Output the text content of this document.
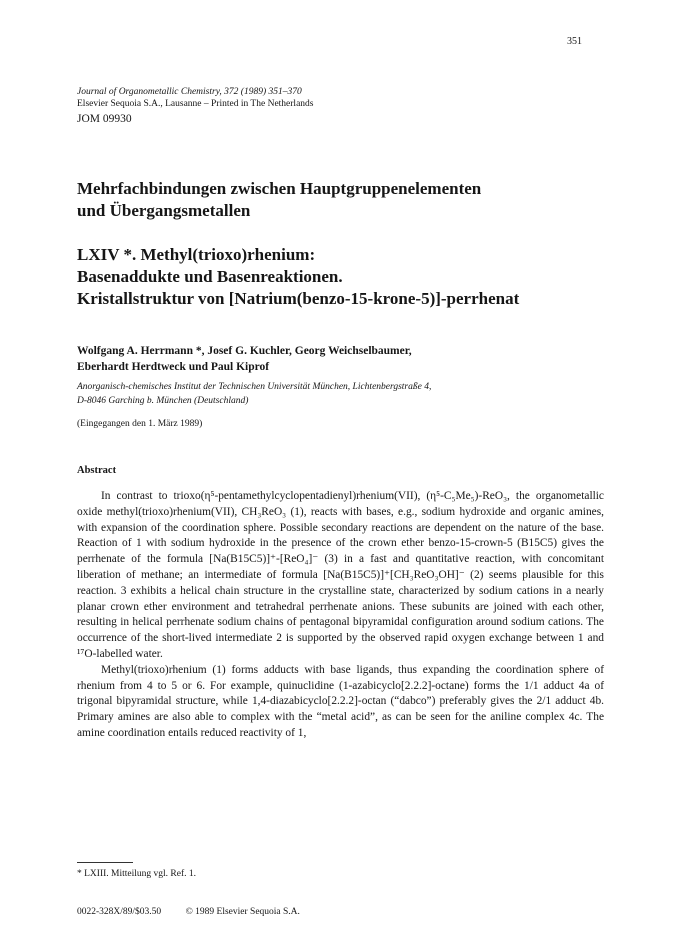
351
Journal of Organometallic Chemistry, 372 (1989) 351–370
Elsevier Sequoia S.A., Lausanne – Printed in The Netherlands
JOM 09930
Mehrfachbindungen zwischen Hauptgruppenelementen
und Übergangsmetallen
LXIV *. Methyl(trioxo)rhenium:
Basenaddukte und Basenreaktionen.
Kristallstruktur von [Natrium(benzo-15-krone-5)]-perrhenat
Wolfgang A. Herrmann *, Josef G. Kuchler, Georg Weichselbaumer,
Eberhardt Herdtweck und Paul Kiprof
Anorganisch-chemisches Institut der Technischen Universität München, Lichtenbergstraße 4,
D-8046 Garching b. München (Deutschland)
(Eingegangen den 1. März 1989)
Abstract

In contrast to trioxo(η⁵-pentamethylcyclopentadienyl)rhenium(VII), (η⁵-C₅Me₅)-ReO₃, the organometallic oxide methyl(trioxo)rhenium(VII), CH₃ReO₃ (1), reacts with bases, e.g., sodium hydroxide and organic amines, with expansion of the coordination sphere. Possible secondary reactions are dependent on the nature of the base. Reaction of 1 with sodium hydroxide in the presence of the crown ether benzo-15-crown-5 (B15C5) gives the perrhenate of the formula [Na(B15C5)]⁺-[ReO₄]⁻ (3) in a fast and quantitative reaction, with concomitant liberation of methane; an intermediate of formula [Na(B15C5)]⁺[CH₃ReO₃OH]⁻ (2) seems plausible for this reaction. 3 exhibits a helical chain structure in the crystalline state, characterized by sodium cations in a nearly planar crown ether environment and tetrahedral perrhenate anions. These subunits are joined with each other, resulting in helical perrhenate sodium chains of pentagonal bipyramidal configuration around sodium cations. The occurrence of the short-lived intermediate 2 is supported by the observed rapid oxygen exchange between 1 and ¹⁷O-labelled water.

Methyl(trioxo)rhenium (1) forms adducts with base ligands, thus expanding the coordination sphere of rhenium from 4 to 5 or 6. For example, quinuclidine (1-azabicyclo[2.2.2]-octane) forms the 1/1 adduct 4a of trigonal bipyramidal structure, while 1,4-diazabicyclo[2.2.2]-octan (“dabco”) preferably gives the 2/1 adduct 4b. Primary amines are also able to complex with the “metal acid”, as can be seen for the aniline complex 4c. The amine coordination entails reduced reactivity of 1,

* LXIII. Mitteilung vgl. Ref. 1.
0022-328X/89/$03.50	© 1989 Elsevier Sequoia S.A.
